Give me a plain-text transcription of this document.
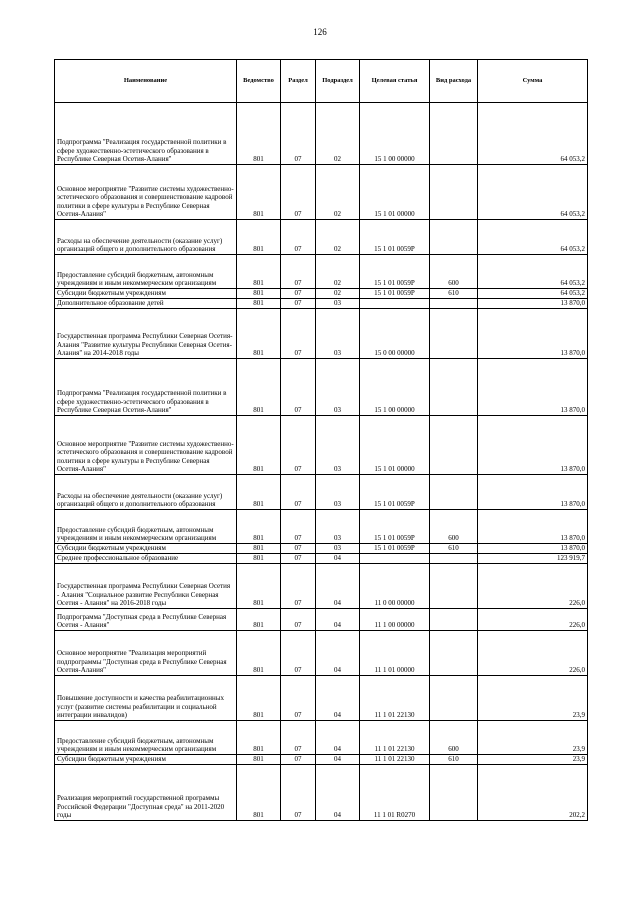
126
Наименование	Ведомство	Раздел	Подраздел	Целевая статья	Вид расхода	Сумма
Подпрограмма "Реализация государственной политики в сфере художественно-эстетического образования в Республике Северная Осетия-Алания"	801	07	02	15 1 00 00000		64 053,2
Основное мероприятие "Развитие системы художественно-эстетического образования и совершенствование кадровой политики в сфере культуры в Республике Северная Осетия-Алания"	801	07	02	15 1 01 00000		64 053,2
Расходы на обеспечение деятельности (оказание услуг) организаций общего и дополнительного образования	801	07	02	15 1 01 0059P		64 053,2
Предоставление субсидий бюджетным, автономным учреждениям и иным некоммерческим организациям	801	07	02	15 1 01 0059P	600	64 053,2
Субсидии бюджетным учреждениям	801	07	02	15 1 01 0059P	610	64 053,2
Дополнительное образование детей	801	07	03			13 870,0
Государственная программа Республики Северная Осетия-Алания "Развитие культуры Республики Северная Осетия-Алания" на 2014-2018 годы	801	07	03	15 0 00 00000		13 870,0
Подпрограмма "Реализация государственной политики в сфере художественно-эстетического образования в Республике Северная Осетия-Алания"	801	07	03	15 1 00 00000		13 870,0
Основное мероприятие "Развитие системы художественно-эстетического образования и совершенствование кадровой политики в сфере культуры в Республике Северная Осетия-Алания"	801	07	03	15 1 01 00000		13 870,0
Расходы на обеспечение деятельности (оказание услуг) организаций общего и дополнительного образования	801	07	03	15 1 01 0059P		13 870,0
Предоставление субсидий бюджетным, автономным учреждениям и иным некоммерческим организациям	801	07	03	15 1 01 0059P	600	13 870,0
Субсидии бюджетным учреждениям	801	07	03	15 1 01 0059P	610	13 870,0
Среднее профессиональное образование	801	07	04			123 919,7
Государственная программа Республики Северная Осетия - Алания "Социальное развитие Республики Северная Осетия - Алания" на 2016-2018 годы	801	07	04	11 0 00 00000		226,0
Подпрограмма "Доступная среда в Республике Северная Осетия - Алания"	801	07	04	11 1 00 00000		226,0
Основное мероприятие "Реализация мероприятий подпрограммы "Доступная среда в Республике Северная Осетия-Алания"	801	07	04	11 1 01 00000		226,0
Повышение доступности и качества реабилитационных услуг (развитие системы реабилитации и социальной интеграции инвалидов)	801	07	04	11 1 01 22130		23,9
Предоставление субсидий бюджетным, автономным учреждениям и иным некоммерческим организациям	801	07	04	11 1 01 22130	600	23,9
Субсидии бюджетным учреждениям	801	07	04	11 1 01 22130	610	23,9
Реализация мероприятий государственной программы Российской Федерации "Доступная среда" на 2011-2020 годы	801	07	04	11 1 01 R0270		202,2
